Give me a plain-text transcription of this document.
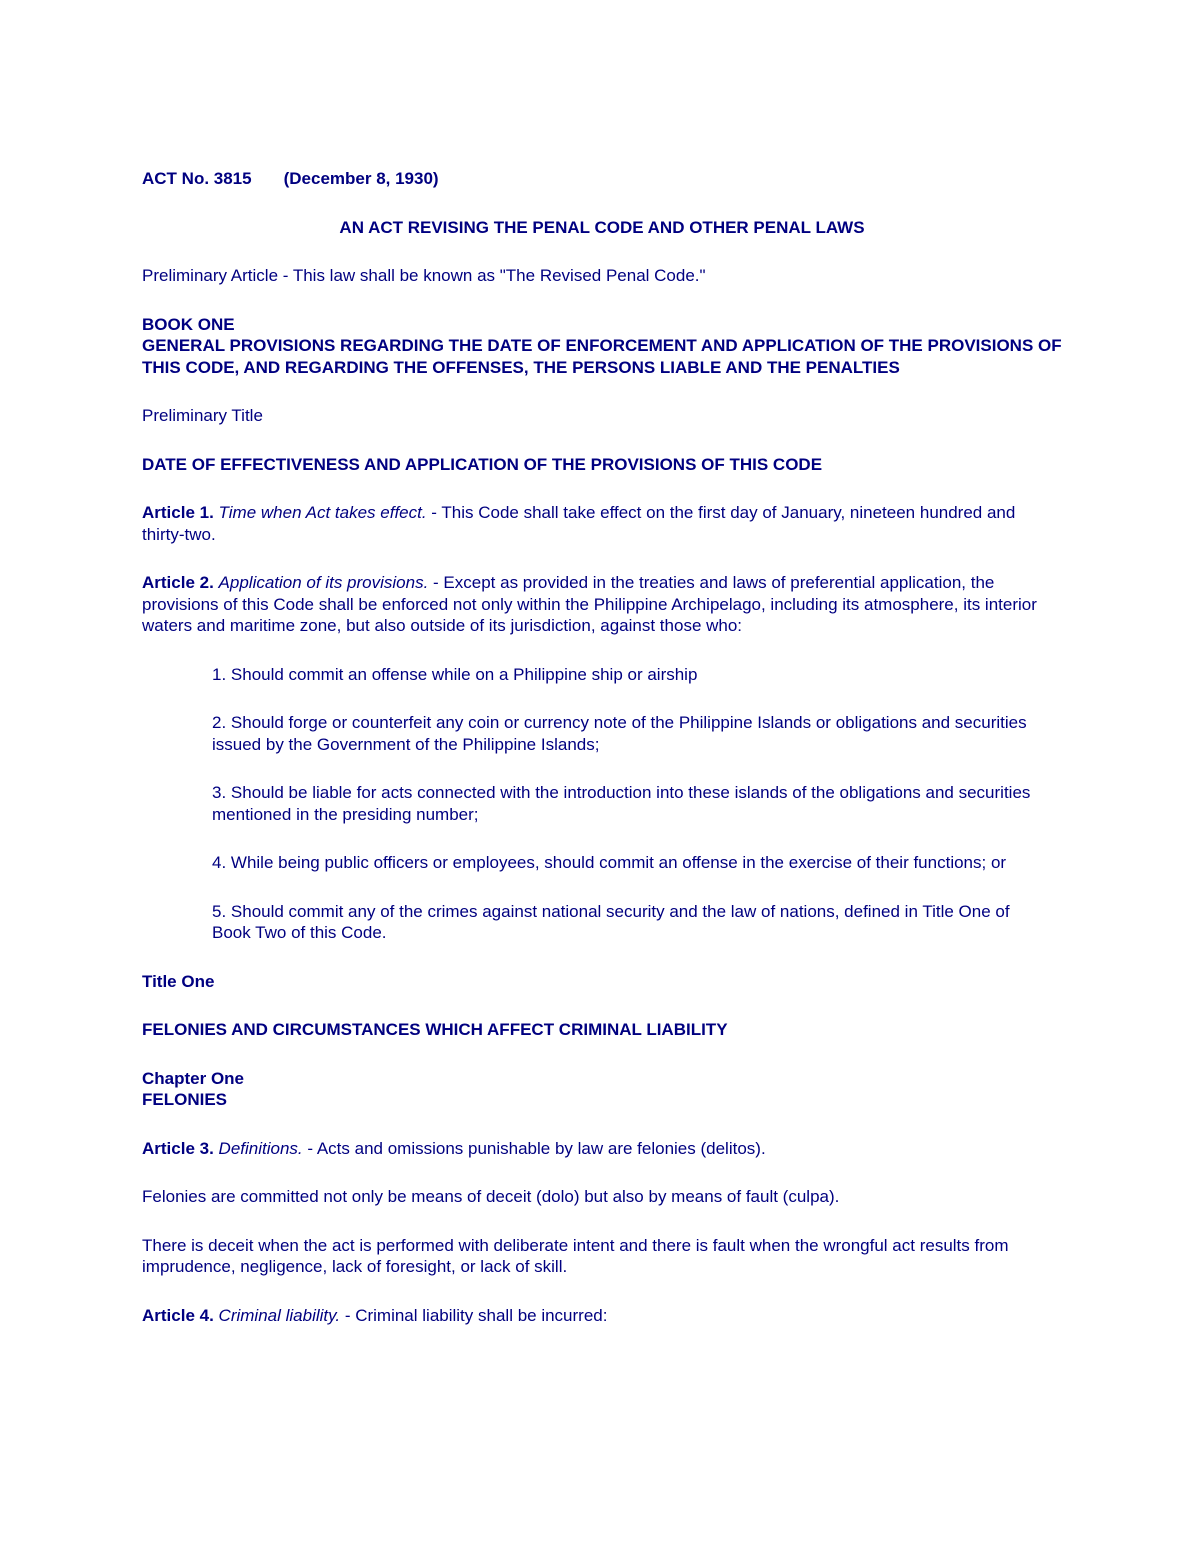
ACT No. 3815 (December 8, 1930)
AN ACT REVISING THE PENAL CODE AND OTHER PENAL LAWS
Preliminary Article - This law shall be known as "The Revised Penal Code."
BOOK ONE
GENERAL PROVISIONS REGARDING THE DATE OF ENFORCEMENT AND APPLICATION OF THE PROVISIONS OF THIS CODE, AND REGARDING THE OFFENSES, THE PERSONS LIABLE AND THE PENALTIES
Preliminary Title
DATE OF EFFECTIVENESS AND APPLICATION OF THE PROVISIONS OF THIS CODE
Article 1. Time when Act takes effect. - This Code shall take effect on the first day of January, nineteen hundred and thirty-two.
Article 2. Application of its provisions. - Except as provided in the treaties and laws of preferential application, the provisions of this Code shall be enforced not only within the Philippine Archipelago, including its atmosphere, its interior waters and maritime zone, but also outside of its jurisdiction, against those who:
1. Should commit an offense while on a Philippine ship or airship
2. Should forge or counterfeit any coin or currency note of the Philippine Islands or obligations and securities issued by the Government of the Philippine Islands;
3. Should be liable for acts connected with the introduction into these islands of the obligations and securities mentioned in the presiding number;
4. While being public officers or employees, should commit an offense in the exercise of their functions; or
5. Should commit any of the crimes against national security and the law of nations, defined in Title One of Book Two of this Code.
Title One
FELONIES AND CIRCUMSTANCES WHICH AFFECT CRIMINAL LIABILITY
Chapter One
FELONIES
Article 3. Definitions. - Acts and omissions punishable by law are felonies (delitos).
Felonies are committed not only be means of deceit (dolo) but also by means of fault (culpa).
There is deceit when the act is performed with deliberate intent and there is fault when the wrongful act results from imprudence, negligence, lack of foresight, or lack of skill.
Article 4. Criminal liability. - Criminal liability shall be incurred:
